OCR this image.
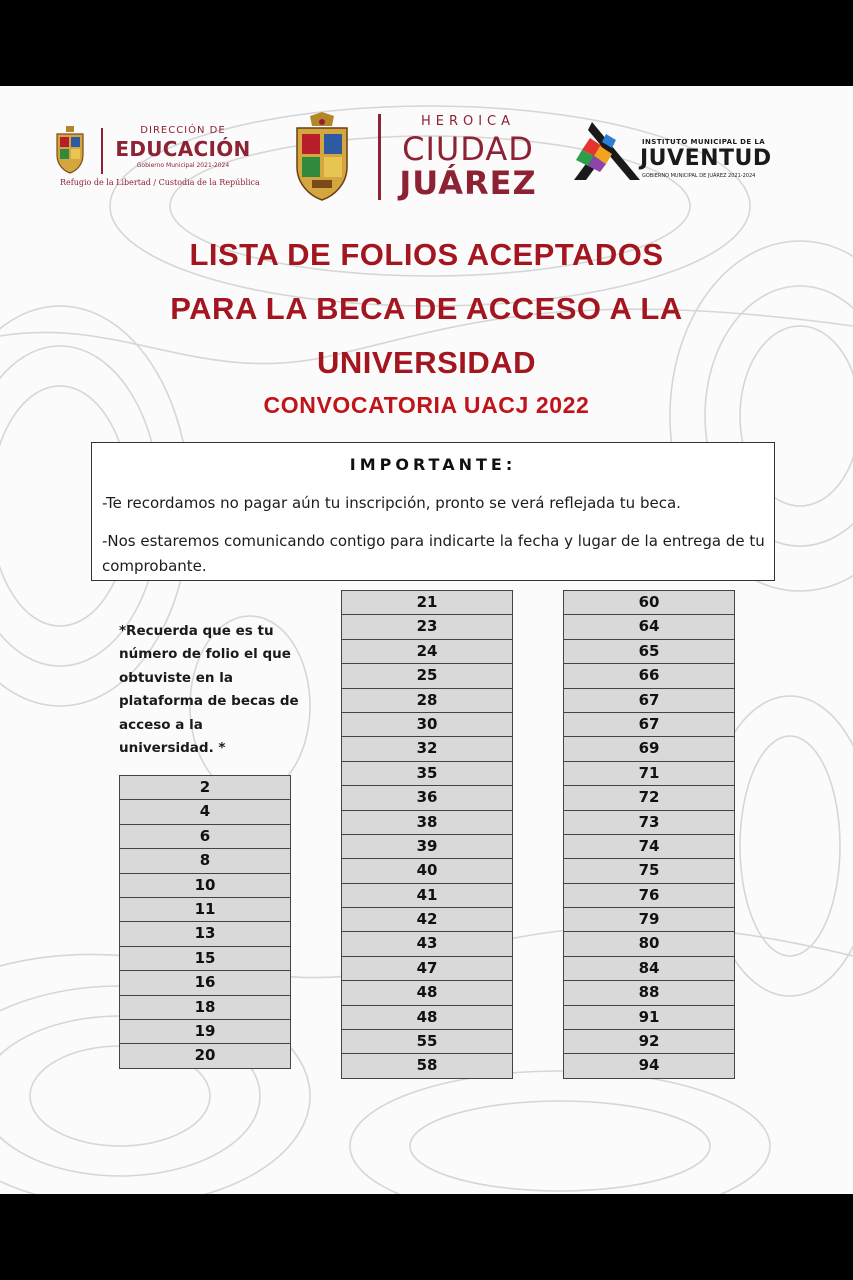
DIRECCIÓN DE
EDUCACIÓN
Gobierno Municipal 2021-2024
Refugio de la Libertad / Custodia de la República
HEROICA
CIUDAD
JUÁREZ
INSTITUTO MUNICIPAL DE LA
JUVENTUD
GOBIERNO MUNICIPAL DE JUÁREZ 2021-2024
LISTA DE FOLIOS ACEPTADOS
PARA LA BECA DE ACCESO A LA
UNIVERSIDAD
CONVOCATORIA UACJ 2022
IMPORTANTE:
-Te recordamos no pagar aún tu inscripción, pronto se verá reflejada tu beca.
-Nos estaremos comunicando contigo para indicarte la fecha y lugar de la entrega de tu comprobante.
*Recuerda que es tu número de folio el que obtuviste en la plataforma de becas de acceso a la universidad. *
2
4
6
8
10
11
13
15
16
18
19
20
21
23
24
25
28
30
32
35
36
38
39
40
41
42
43
47
48
48
55
58
60
64
65
66
67
67
69
71
72
73
74
75
76
79
80
84
88
91
92
94
